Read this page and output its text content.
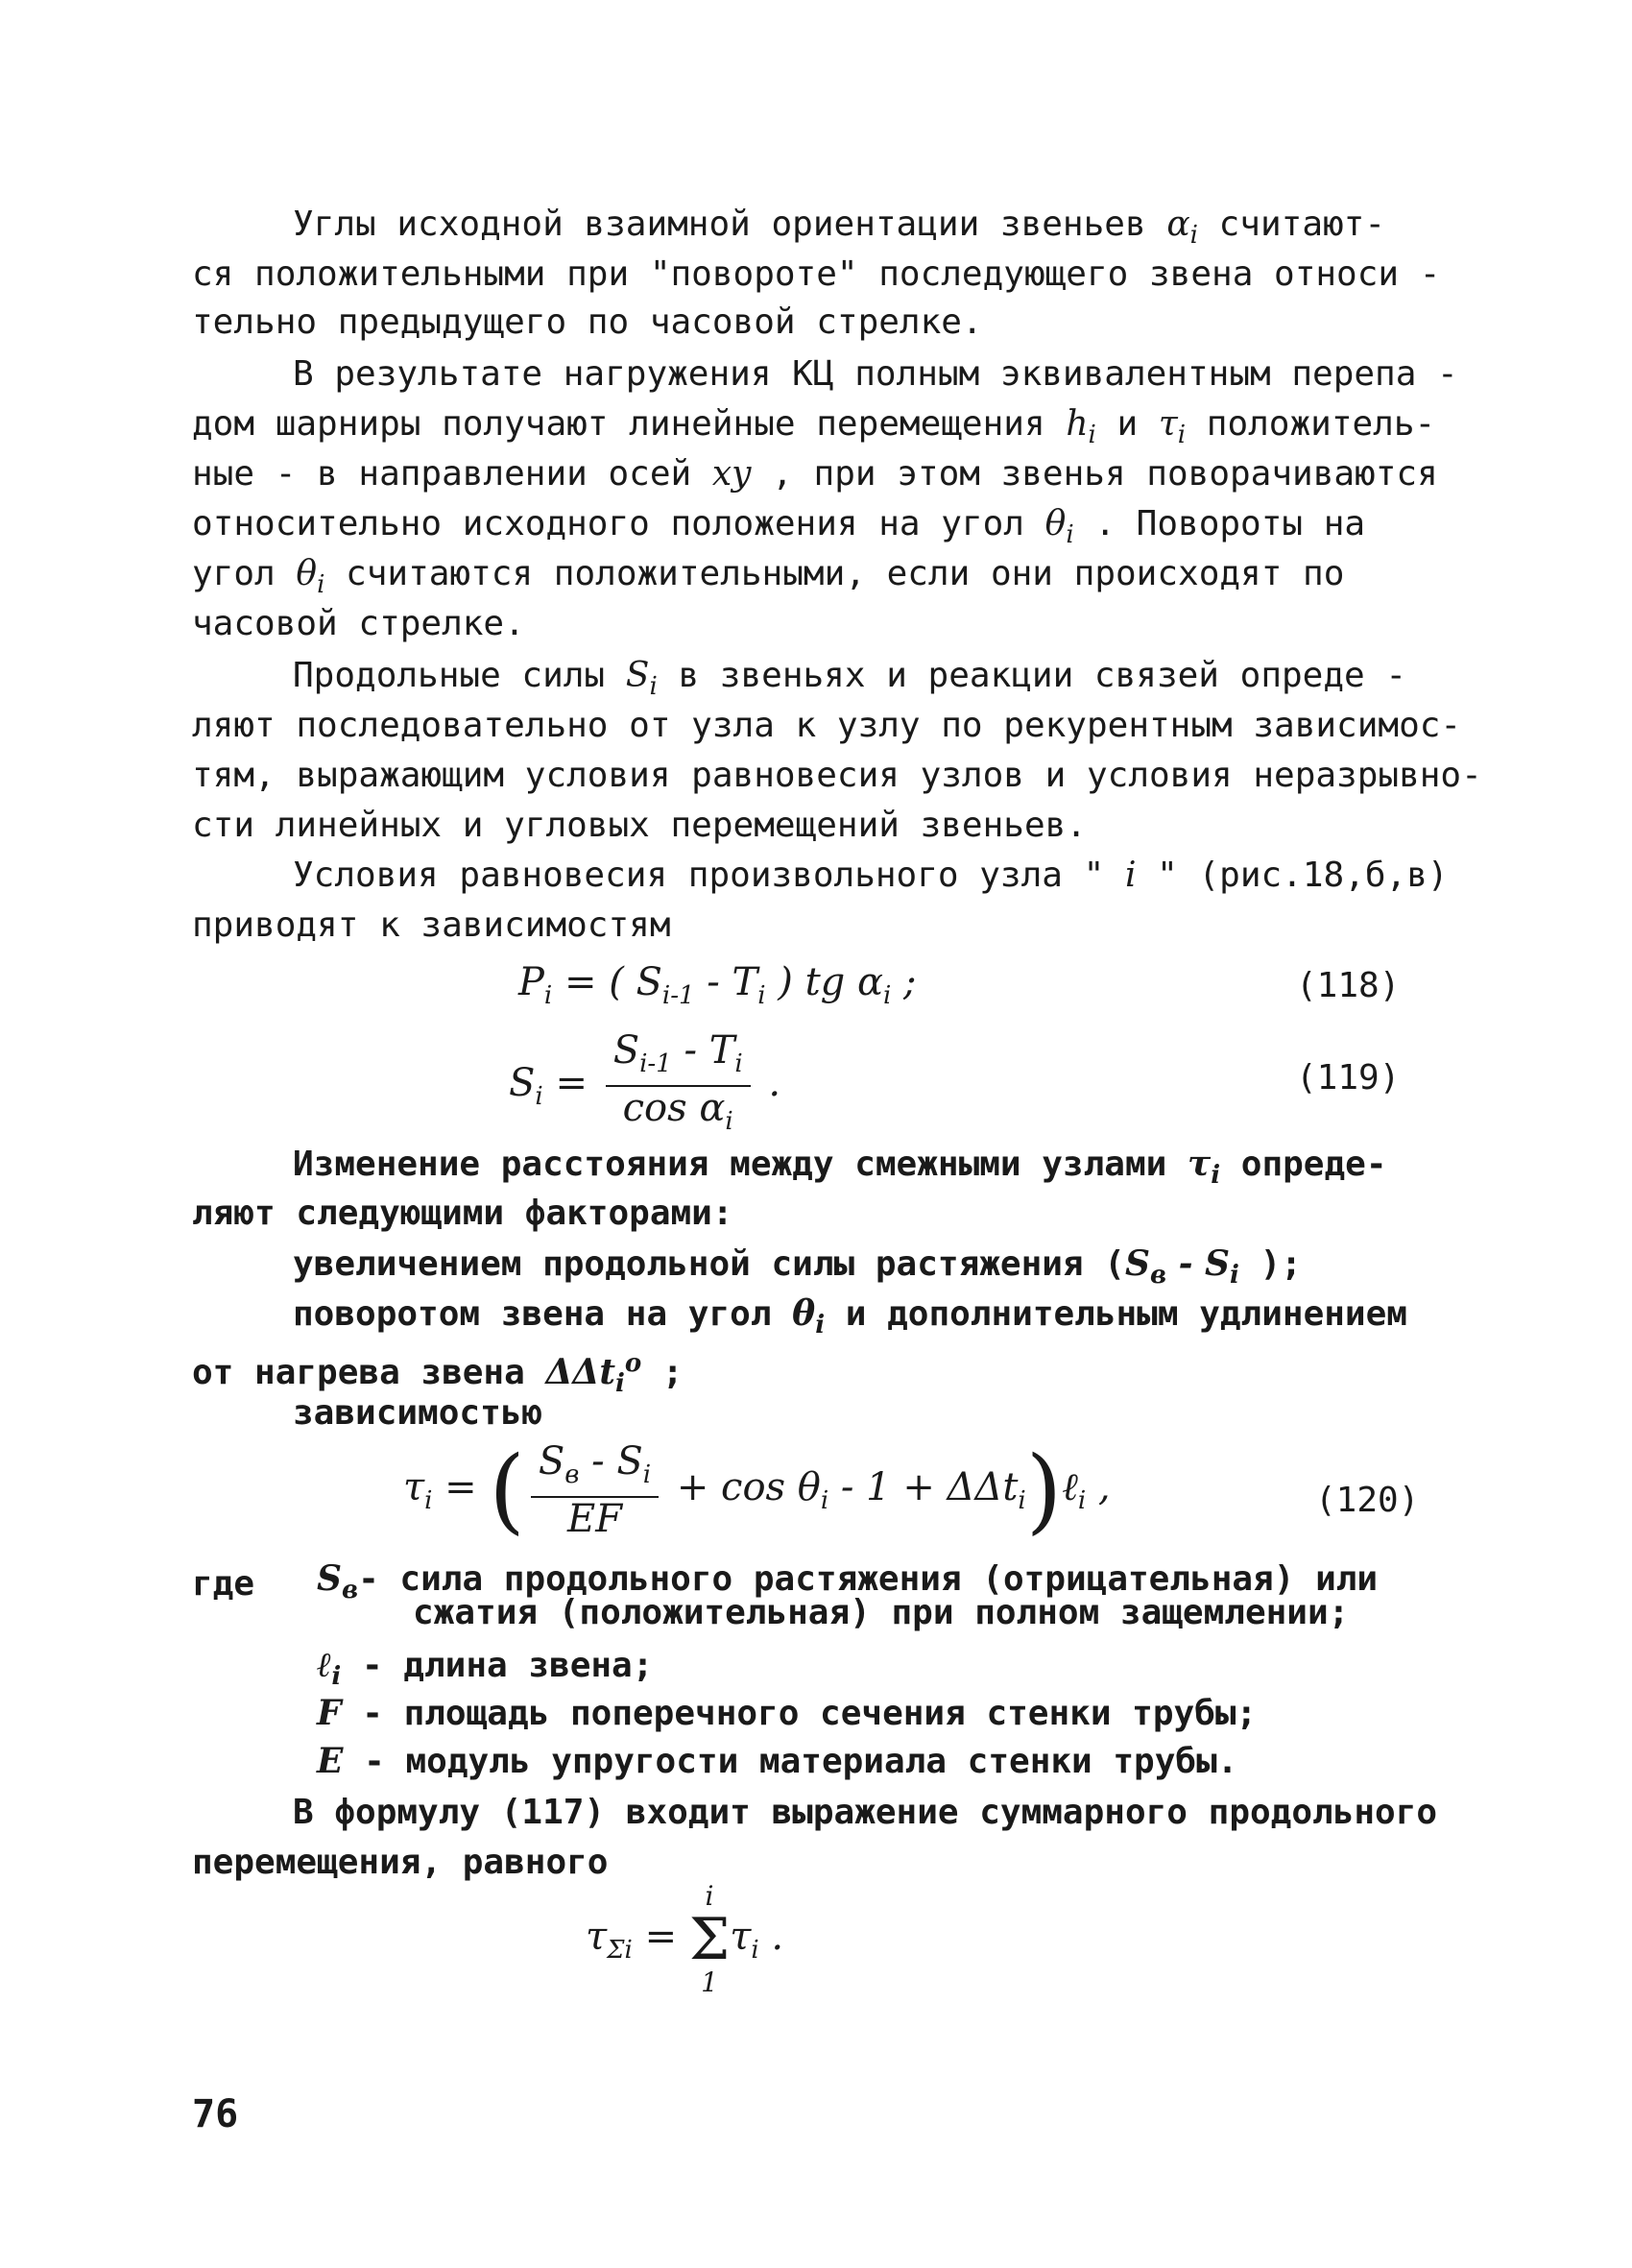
Углы исходной взаимной ориентации звеньев $\alpha_i$ считают-
ся положительными при "повороте" последующего звена относи -
тельно предыдущего по часовой стрелке.
В результате нагружения КЦ полным эквивалентным перепа -
дом шарниры получают линейные перемещения $h_i$ и $\tau_i$ положитель-
ные - в направлении осей xy , при этом звенья поворачиваются
относительно исходного положения на угол $\theta_i$ . Повороты на
угол $\theta_i$ считаются положительными, если они происходят по
часовой стрелке.
Продольные силы $S_i$ в звеньях и реакции связей опреде -
ляют последовательно от узла к узлу по рекурентным зависимос-
тям, выражающим условия равновесия узлов и условия неразрывно-
сти линейных и угловых перемещений звеньев.
Условия равновесия произвольного узла " i " (рис.18,б,в)
приводят к зависимостям
$P_i$ = ( $S_{i-1} - T_i$ ) tg $\alpha_i$ ;	(118)
$S_i = \frac{S_{i-1} - T_i}{\cos \alpha_i}$ .	(119)
Изменение расстояния между смежными узлами $\tau_i$ опреде-
ляют следующими факторами:
увеличением продольной силы растяжения ($S_в - S_i$ );
поворотом звена на угол $\theta_i$ и дополнительным удлинением
от нагрева звена ΔΔt$_i^o$ ;
зависимостью
$\tau_i$ = ( $\frac{S_в - S_i}{EF} + \cos \theta_i - 1$ + ΔΔt$_i$)ℓ$_i$ ,	(120)
где $S_в-$ сила продольного растяжения (отрицательная) или
сжатия (положительная) при полном защемлении;
ℓ$_i$ - длина звена;
F - площадь поперечного сечения стенки трубы;
E - модуль упругости материала стенки трубы.
В формулу (117) входит выражение суммарного продольного
перемещения, равного
$\tau_{\Sigma i}$ =
i
Σ
1
$\tau_i$ .
76
